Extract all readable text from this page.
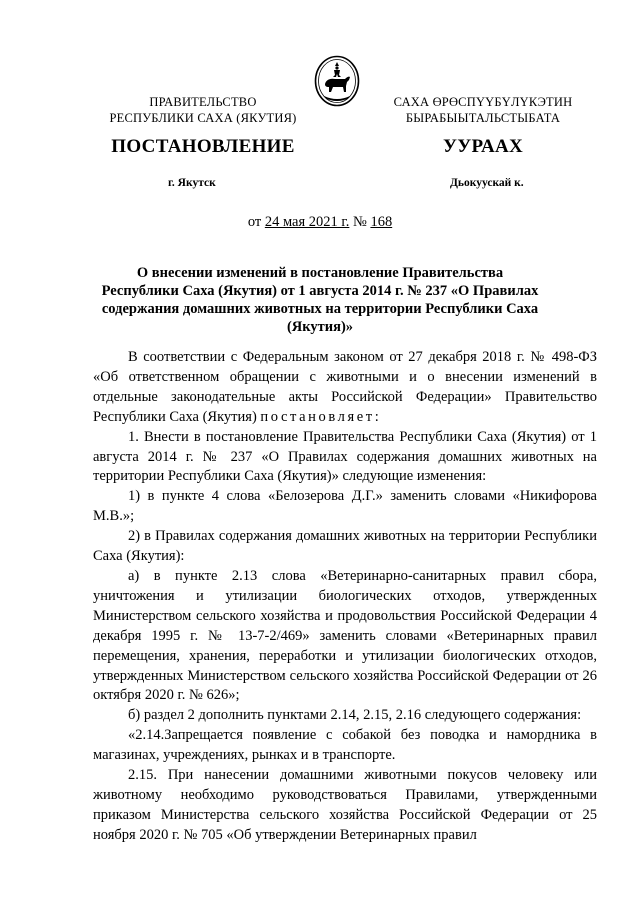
ПРАВИТЕЛЬСТВО
РЕСПУБЛИКИ САХА (ЯКУТИЯ)
САХА ӨРӨСПҮҮБҮЛҮКЭТИН
БЫРАБЫЫТАЛЬСТЫБАТА
ПОСТАНОВЛЕНИЕ	УУРААХ
г. Якутск	Дьокуускай к.
от 24 мая 2021 г. № 168
О внесении изменений в постановление Правительства Республики Саха (Якутия) от 1 августа 2014 г. № 237 «О Правилах содержания домашних животных на территории Республики Саха (Якутия)»

В соответствии с Федеральным законом от 27 декабря 2018 г. № 498-ФЗ «Об ответственном обращении с животными и о внесении изменений в отдельные законодательные акты Российской Федерации» Правительство Республики Саха (Якутия) постановляет:

1. Внести в постановление Правительства Республики Саха (Якутия) от 1 августа 2014 г. № 237 «О Правилах содержания домашних животных на территории Республики Саха (Якутия)» следующие изменения:

1) в пункте 4 слова «Белозерова Д.Г.» заменить словами «Никифорова М.В.»;

2) в Правилах содержания домашних животных на территории Республики Саха (Якутия):

а) в пункте 2.13 слова «Ветеринарно-санитарных правил сбора, уничтожения и утилизации биологических отходов, утвержденных Министерством сельского хозяйства и продовольствия Российской Федерации 4 декабря 1995 г. № 13-7-2/469» заменить словами «Ветеринарных правил перемещения, хранения, переработки и утилизации биологических отходов, утвержденных Министерством сельского хозяйства Российской Федерации от 26 октября 2020 г. № 626»;

б) раздел 2 дополнить пунктами 2.14, 2.15, 2.16 следующего содержания:

«2.14.Запрещается появление с собакой без поводка и намордника в магазинах, учреждениях, рынках и в транспорте.

2.15. При нанесении домашними животными покусов человеку или животному необходимо руководствоваться Правилами, утвержденными приказом Министерства сельского хозяйства Российской Федерации от 25 ноября 2020 г. № 705 «Об утверждении Ветеринарных правил
